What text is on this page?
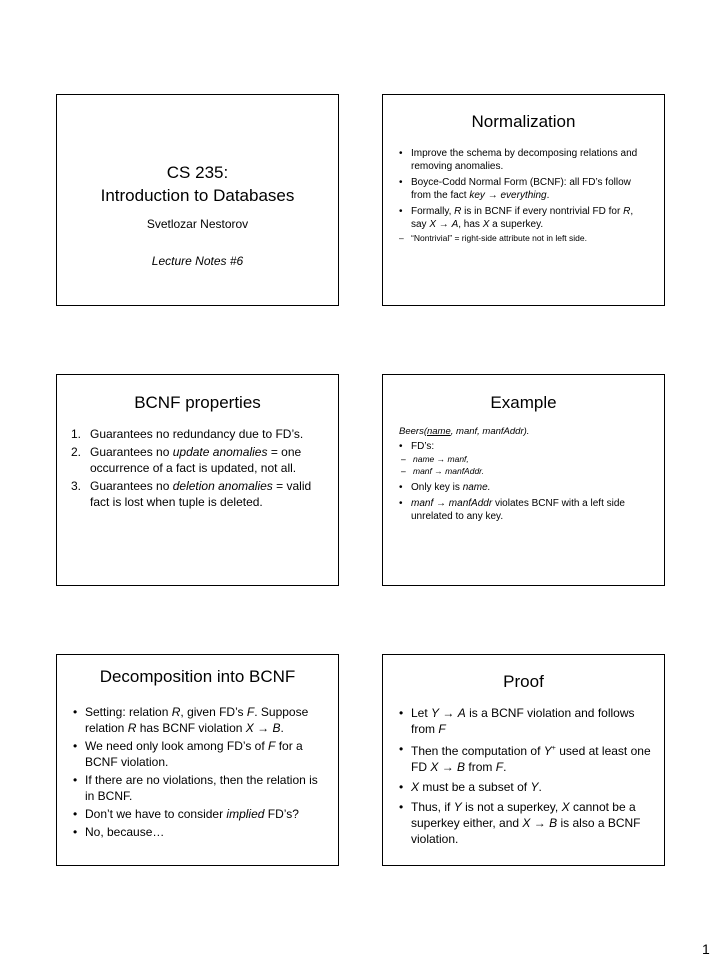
CS 235:
Introduction to Databases
Svetlozar Nestorov
Lecture Notes #6
Normalization
• Improve the schema by decomposing relations and removing anomalies.
• Boyce-Codd Normal Form (BCNF): all FD’s follow from the fact key → everything.
• Formally, R is in BCNF if every nontrivial FD for R, say X → A, has X a superkey.
– “Nontrivial” = right-side attribute not in left side.
BCNF properties
1. Guarantees no redundancy due to FD’s.
2. Guarantees no update anomalies = one occurrence of a fact is updated, not all.
3. Guarantees no deletion anomalies = valid fact is lost when tuple is deleted.
Example
Beers(name, manf, manfAddr).
• FD’s:
– name → manf,
– manf → manfAddr.
• Only key is name.
• manf → manfAddr violates BCNF with a left side unrelated to any key.
Decomposition into BCNF
• Setting: relation R, given FD’s F. Suppose relation R has BCNF violation X → B.
• We need only look among FD’s of F for a BCNF violation.
• If there are no violations, then the relation is in BCNF.
• Don’t we have to consider implied FD’s?
• No, because…
Proof
• Let Y → A is a BCNF violation and follows from F
• Then the computation of Y+ used at least one FD X → B from F.
• X must be a subset of Y.
• Thus, if Y is not a superkey, X cannot be a superkey either, and X → B is also a BCNF violation.
1
